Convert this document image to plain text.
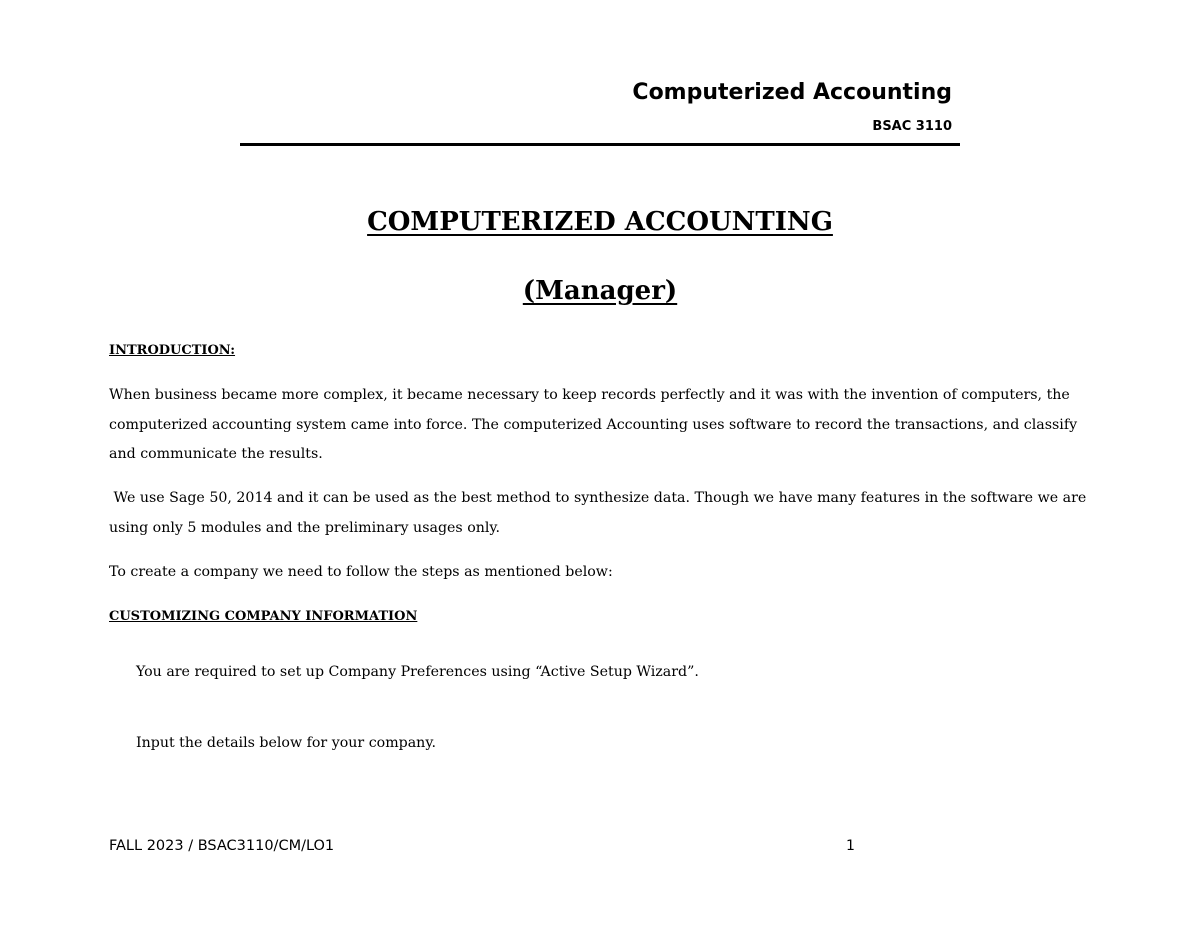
Computerized Accounting
BSAC 3110
COMPUTERIZED ACCOUNTING
(Manager)
INTRODUCTION:

When business became more complex, it became necessary to keep records perfectly and it was with the invention of computers, the computerized accounting system came into force. The computerized Accounting uses software to record the transactions, and classify and communicate the results.

We use Sage 50, 2014 and it can be used as the best method to synthesize data. Though we have many features in the software we are using only 5 modules and the preliminary usages only.

To create a company we need to follow the steps as mentioned below:

CUSTOMIZING COMPANY INFORMATION
You are required to set up Company Preferences using “Active Setup Wizard”.
Input the details below for your company.
FALL 2023 / BSAC3110/CM/LO1	1
